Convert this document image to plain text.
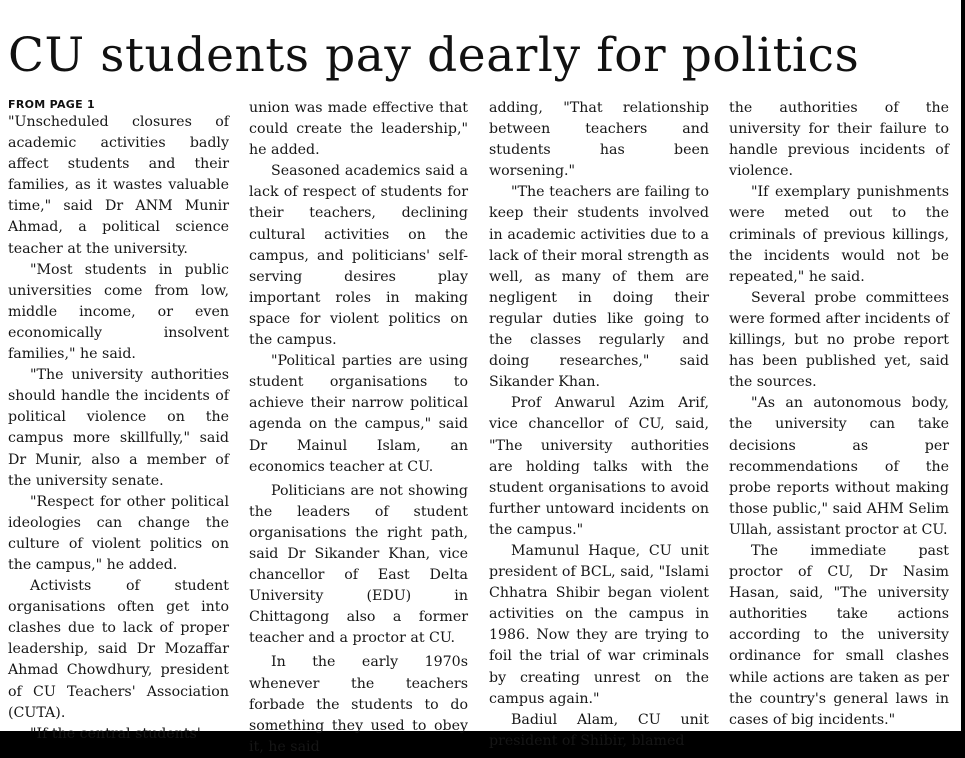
CU students pay dearly for politics
FROM PAGE 1

"Unscheduled closures of academic activities badly affect students and their families, as it wastes valuable time," said Dr ANM Munir Ahmad, a political science teacher at the university.

"Most students in public universities come from low, middle income, or even economically insolvent families," he said.

"The university authorities should handle the incidents of political violence on the campus more skillfully," said Dr Munir, also a member of the university senate.

"Respect for other political ideologies can change the culture of violent politics on the campus," he added.

Activists of student organisations often get into clashes due to lack of proper leadership, said Dr Mozaffar Ahmad Chowdhury, president of CU Teachers' Association (CUTA).

"If the central students'

union was made effective that could create the leadership," he added.

Seasoned academics said a lack of respect of students for their teachers, declining cultural activities on the campus, and politicians' self-serving desires play important roles in making space for violent politics on the campus.

"Political parties are using student organisations to achieve their narrow political agenda on the campus," said Dr Mainul Islam, an economics teacher at CU.

Politicians are not showing the leaders of student organisations the right path, said Dr Sikander Khan, vice chancellor of East Delta University (EDU) in Chittagong also a former teacher and a proctor at CU.

In the early 1970s whenever the teachers forbade the students to do something they used to obey it, he said

adding, "That relationship between teachers and students has been worsening."

"The teachers are failing to keep their students involved in academic activities due to a lack of their moral strength as well, as many of them are negligent in doing their regular duties like going to the classes regularly and doing researches," said Sikander Khan.

Prof Anwarul Azim Arif, vice chancellor of CU, said, "The university authorities are holding talks with the student organisations to avoid further untoward incidents on the campus."

Mamunul Haque, CU unit president of BCL, said, "Islami Chhatra Shibir began violent activities on the campus in 1986. Now they are trying to foil the trial of war criminals by creating unrest on the campus again."

Badiul Alam, CU unit president of Shibir, blamed

the authorities of the university for their failure to handle previous incidents of violence.

"If exemplary punishments were meted out to the criminals of previous killings, the incidents would not be repeated," he said.

Several probe committees were formed after incidents of killings, but no probe report has been published yet, said the sources.

"As an autonomous body, the university can take decisions as per recommendations of the probe reports without making those public," said AHM Selim Ullah, assistant proctor at CU.

The immediate past proctor of CU, Dr Nasim Hasan, said, "The university authorities take actions according to the university ordinance for small clashes while actions are taken as per the country's general laws in cases of big incidents."
